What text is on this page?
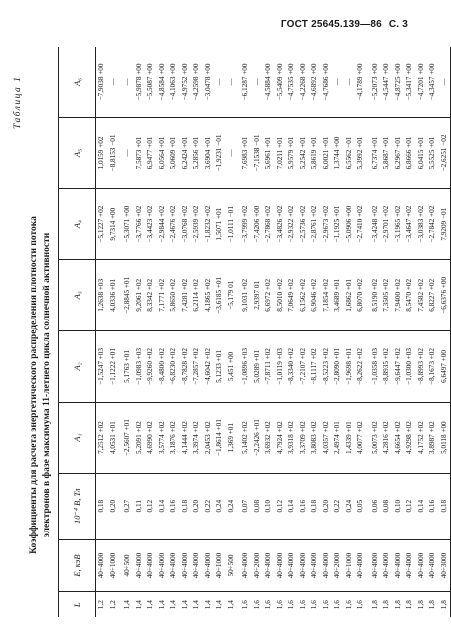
ГОСТ 25645.139—86 С. 3
Таблица 1
Коэффициенты для расчета энергетического распределения плотности потока электронов в фазе максимума 11-летнего цикла солнечной активности
L	E, кэВ	10⁻⁴ B, Тл	A₁	A₂	A₃	A₄	A₅	A₆
1,2	40÷4000	0,18	7,2512 +02	−1,5247 +03	1,2638 +03	−5,1227 +02	1,0159 +02	−7,9038 +00
1,2	40÷1000	0,20	4,0531 +01	−1,1222 +01	4,0336 +01	9,7314 +00	−8,8153 −01	—
1,4	40÷500	0,27	−2,5607 +01	5,1763 +01	−2,8845 +01	−5,3071 +00	—	—
1,4	40÷4000	0,11	5,2091 +02	−1,0983 +03	9,2061 +02	−3,7766 +02	7,5873 +01	−5,9878 +00
1,4	40÷4000	0,12	4,6990 +02	−9,9260 +02	8,3342 +02	−3,4423 +02	6,9477 +01	−5,5087 +00
1,4	40÷4000	0,14	3,5774 +02	−8,4800 +02	7,1771 +02	−2,9844 +02	6,0564 +01	−4,8584 +00
1,4	40÷4000	0,16	3,1876 +02	−6,8230 +02	5,8650 +02	−2,4676 +02	5,0609 +01	−4,1063 +00
1,4	40÷4000	0,18	4,1444 +02	−8,7828 +02	7,4281 +02	−3,0768 +02	6,2424 +01	−4,9752 +00
1,4	40÷4000	0,20	3,3974 +02	−7,2857 +02	6,2114 +02	−2,5939 +02	5,2856 +01	−4,2598 +00
1,4	40÷4000	0,22	2,0453 +02	−4,6042 +02	4,1865 +02	−1,8232 +02	3,6904 +01	−3,0478 +00
1,4	40÷1000	0,24	−1,8614 +01	5,1233 +01	−3,6185 +01	1,5071 +01	−1,9231 −01	—
1,4	50÷500	0,24	1,369 +01	5,451 +00	−5,179 01	−1,0111 −01	—	—
1,6	40÷4000	0,07	5,1402 +02	−1,0896 +03	9,1031 +02	−3,7999 +02	7,6983 +01	−6,1287 +00
1,6	40÷2000	0,08	−2,2426 +01	5,0289 +01	2,9397 01	−7,4206 +00	−7,1538 −01	—
1,6	40÷4000	0,10	3,6932 +02	−7,8711 +02	6,6972 +02	−2,7868 +02	5,6961 +01	−4,5884 +00
1,6	40÷4000	0,12	4,7924 +02	−1,0119 +03	8,5010 +02	−3,4826 +02	7,0211 +01	−5,5409 +00
1,6	40÷4000	0,14	3,9318 +02	−8,3340 +02	7,0649 +02	−2,9322 +02	5,9579 +01	−4,7535 +00
1,6	40÷4000	0,16	3,3709 +02	−7,2107 +02	6,1562 +02	−2,5736 +02	5,2542 +01	−4,2268 +00
1,6	40÷4000	0,18	3,8083 +02	−8,1117 +02	6,9046 +02	−2,8761 +02	5,8619 +01	−4,6892 +00
1,6	40÷4000	0,20	4,0357 +02	−8,5223 +02	7,1854 +02	−2,9673 +02	6,0021 +01	−4,7686 +00
1,6	40÷2000	0,22	2,4974 +01	−2,8090 +01	3,4689 +01	−1,1925 +01	1,3744 +00	—
1,6	40÷1000	0,24	1,4339 +01	−1,9698 +01	1,6862 +01	−5,0906 +00	6,5562 −01	—
1,6	40÷4000	0,05	4,0077 +02	−8,2622 +02	6,8070 +02	−2,7410 +02	5,3992 +01	−4,1789 +00
1,8	40÷4000	0,06	5,0073 +02	−1,0358 +03	8,5190 +02	−3,4248 +02	6,7374 +01	−5,2073 +00
1,8	40÷4000	0,08	4,2816 +02	−8,8935 +02	7,3505 +02	−2,9701 +02	5,8687 +01	−4,5447 +00
1,8	40÷4000	0,10	4,6654 +02	−9,6447 +02	7,9400 +02	−3,1965 +02	6,2967 +01	−4,8725 +00
1,8	40÷4000	0,12	4,9298 +02	−1,0300 +03	8,5470 +02	−3,4647 +02	6,8666 +01	−5,3417 +00
1,8	40÷4000	0,14	4,1752 +02	−8,8993 +02	7,4582 +02	−3,0383 +02	6,0415 +01	−4,7201 +00
1,8	40÷4000	0,16	3,8987 +02	−8,1673 +02	6,8227 +02	−2,7842 +02	5,5525 +01	−4,3457 +00
1,8	40÷3000	0,18	5,0118 +00	6,6497 +00	−6,6376 +00	7,9209 −01	−2,6251 −02	—
